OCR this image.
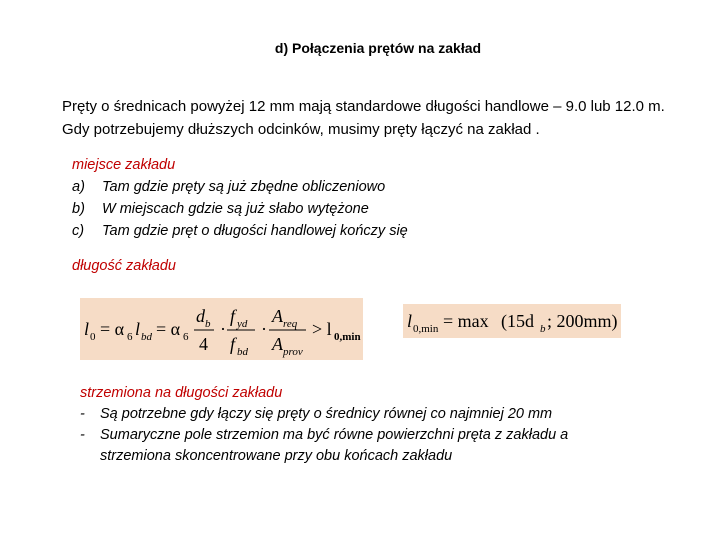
d) Połączenia prętów na zakład
Pręty o średnicach powyżej 12 mm mają standardowe długości handlowe – 9.0 lub 12.0 m. Gdy potrzebujemy dłuższych odcinków, musimy pręty łączyć na zakład .
miejsce zakładu
a)	Tam gdzie pręty są już zbędne obliczeniowo
b)	W miejscach gdzie są już słabo wytężone
c)	Tam gdzie pręt o długości handlowej kończy się
długość zakładu
l 0 = α 6 l bd = α 6
d b
4
·
f yd
f bd
·
A req
A prov
> l 0,min
l 0,min = max (15d b ; 200mm)
strzemiona na długości zakładu
-	Są potrzebne gdy łączy się pręty o średnicy równej co najmniej 20 mm
-	Sumaryczne pole strzemion ma być równe powierzchni pręta z zakładu a strzemiona skoncentrowane przy obu końcach zakładu
